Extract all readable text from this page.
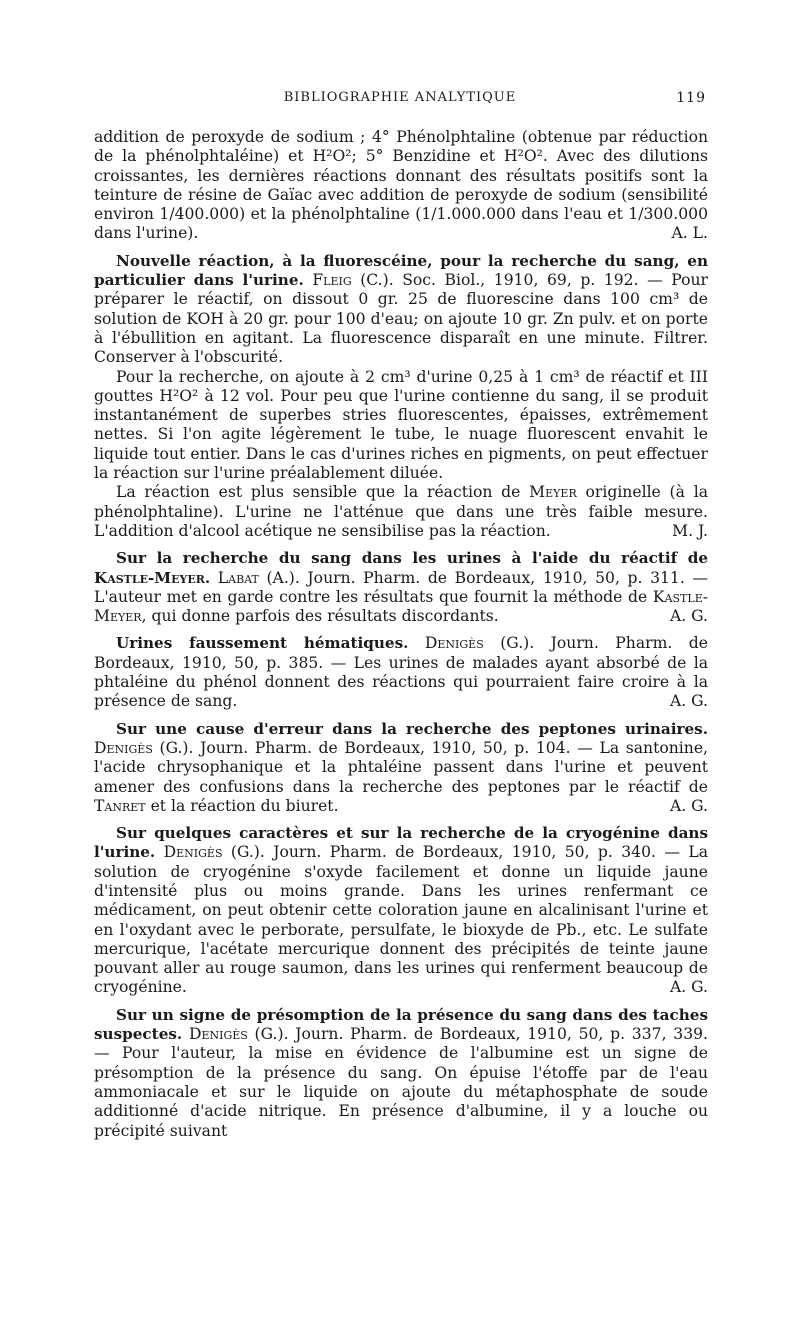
BIBLIOGRAPHIE ANALYTIQUE	119

addition de peroxyde de sodium ; 4° Phénolphtaline (obtenue par réduction de la phénolphtaléine) et H²O²; 5° Benzidine et H²O². Avec des dilutions croissantes, les dernières réactions donnant des résultats positifs sont la teinture de résine de Gaïac avec addition de peroxyde de sodium (sensibilité environ 1/400.000) et la phénolphtaline (1/1.000.000 dans l'eau et 1/300.000 dans l'urine).	A. L.

Nouvelle réaction, à la fluorescéine, pour la recherche du sang, en particulier dans l'urine. Fleig (C.). Soc. Biol., 1910, 69, p. 192. — Pour préparer le réactif, on dissout 0 gr. 25 de fluorescine dans 100 cm³ de solution de KOH à 20 gr. pour 100 d'eau; on ajoute 10 gr. Zn pulv. et on porte à l'ébullition en agitant. La fluorescence disparaît en une minute. Filtrer. Conserver à l'obscurité.

Pour la recherche, on ajoute à 2 cm³ d'urine 0,25 à 1 cm³ de réactif et III gouttes H²O² à 12 vol. Pour peu que l'urine contienne du sang, il se produit instantanément de superbes stries fluorescentes, épaisses, extrêmement nettes. Si l'on agite légèrement le tube, le nuage fluorescent envahit le liquide tout entier. Dans le cas d'urines riches en pigments, on peut effectuer la réaction sur l'urine préalablement diluée.

La réaction est plus sensible que la réaction de Meyer originelle (à la phénolphtaline). L'urine ne l'atténue que dans une très faible mesure. L'addition d'alcool acétique ne sensibilise pas la réaction.	M. J.

Sur la recherche du sang dans les urines à l'aide du réactif de Kastle-Meyer. Labat (A.). Journ. Pharm. de Bordeaux, 1910, 50, p. 311. — L'auteur met en garde contre les résultats que fournit la méthode de Kastle-Meyer, qui donne parfois des résultats discordants.	A. G.

Urines faussement hématiques. Denigès (G.). Journ. Pharm. de Bordeaux, 1910, 50, p. 385. — Les urines de malades ayant absorbé de la phtaléine du phénol donnent des réactions qui pourraient faire croire à la présence de sang.	A. G.

Sur une cause d'erreur dans la recherche des peptones urinaires. Denigès (G.). Journ. Pharm. de Bordeaux, 1910, 50, p. 104. — La santonine, l'acide chrysophanique et la phtaléine passent dans l'urine et peuvent amener des confusions dans la recherche des peptones par le réactif de Tanret et la réaction du biuret.	A. G.

Sur quelques caractères et sur la recherche de la cryogénine dans l'urine. Denigès (G.). Journ. Pharm. de Bordeaux, 1910, 50, p. 340. — La solution de cryogénine s'oxyde facilement et donne un liquide jaune d'intensité plus ou moins grande. Dans les urines renfermant ce médicament, on peut obtenir cette coloration jaune en alcalinisant l'urine et en l'oxydant avec le perborate, persulfate, le bioxyde de Pb., etc. Le sulfate mercurique, l'acétate mercurique donnent des précipités de teinte jaune pouvant aller au rouge saumon, dans les urines qui renferment beaucoup de cryogénine.	A. G.

Sur un signe de présomption de la présence du sang dans des taches suspectes. Denigès (G.). Journ. Pharm. de Bordeaux, 1910, 50, p. 337, 339. — Pour l'auteur, la mise en évidence de l'albumine est un signe de présomption de la présence du sang. On épuise l'étoffe par de l'eau ammoniacale et sur le liquide on ajoute du métaphosphate de soude additionné d'acide nitrique. En présence d'albumine, il y a louche ou précipité suivant
